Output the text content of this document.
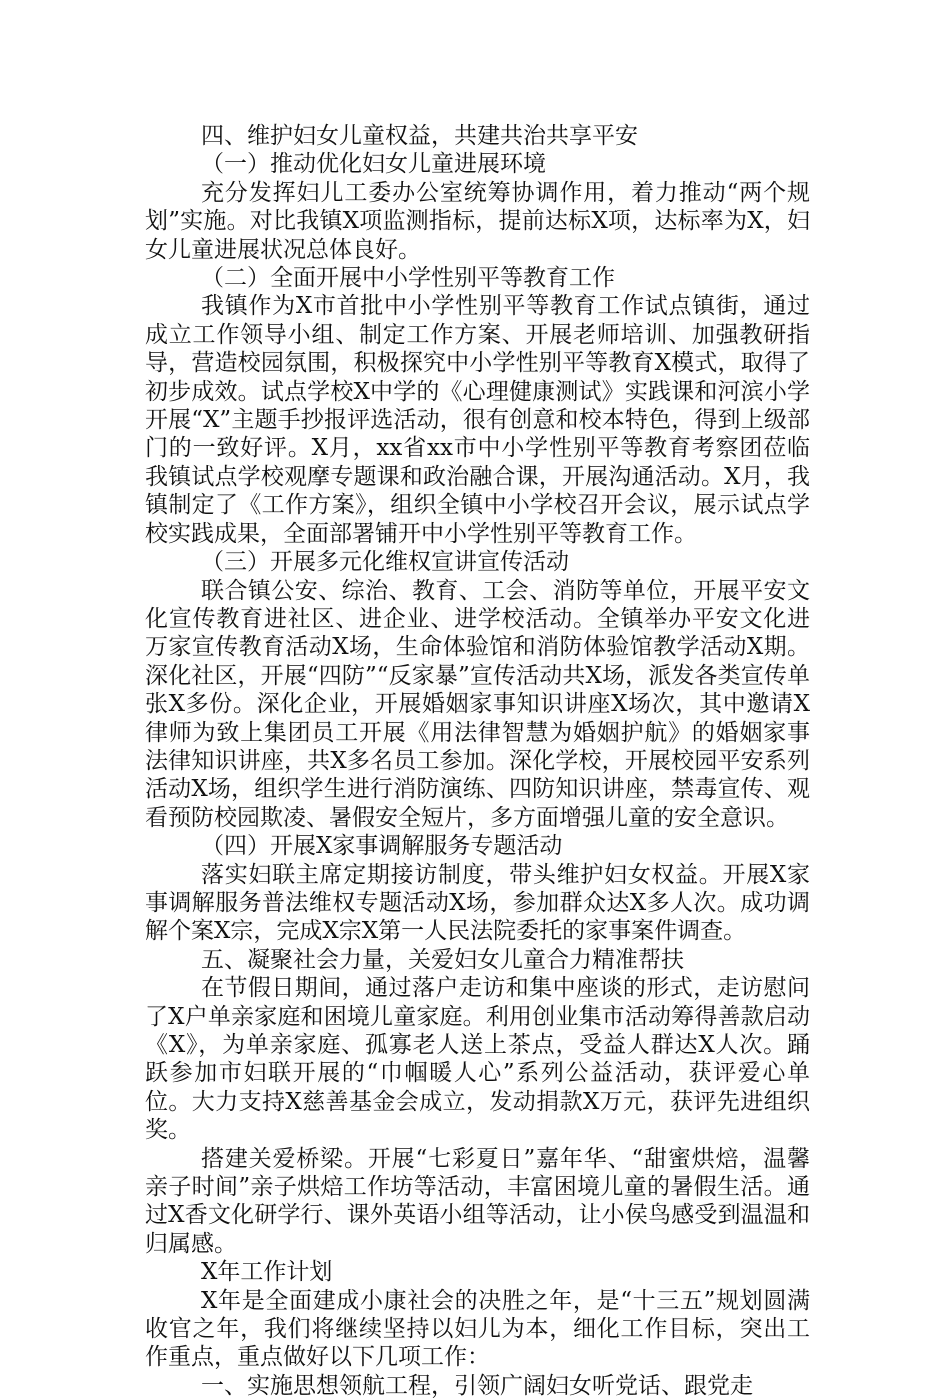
四、维护妇女儿童权益，共建共治共享平安

（一）推动优化妇女儿童进展环境

充分发挥妇儿工委办公室统筹协调作用，着力推动“两个规划”实施。对比我镇X项监测指标，提前达标X项，达标率为X，妇女儿童进展状况总体良好。

（二）全面开展中小学性别平等教育工作

我镇作为X市首批中小学性别平等教育工作试点镇街，通过成立工作领导小组、制定工作方案、开展老师培训、加强教研指导，营造校园氛围，积极探究中小学性别平等教育X模式，取得了初步成效。试点学校X中学的《心理健康测试》实践课和河滨小学开展“X”主题手抄报评选活动，很有创意和校本特色，得到上级部门的一致好评。X月，xx省xx市中小学性别平等教育考察团莅临我镇试点学校观摩专题课和政治融合课，开展沟通活动。X月，我镇制定了《工作方案》，组织全镇中小学校召开会议，展示试点学校实践成果，全面部署铺开中小学性别平等教育工作。

（三）开展多元化维权宣讲宣传活动

联合镇公安、综治、教育、工会、消防等单位，开展平安文化宣传教育进社区、进企业、进学校活动。全镇举办平安文化进万家宣传教育活动X场，生命体验馆和消防体验馆教学活动X期。深化社区，开展“四防”“反家暴”宣传活动共X场，派发各类宣传单张X多份。深化企业，开展婚姻家事知识讲座X场次，其中邀请X律师为致上集团员工开展《用法律智慧为婚姻护航》的婚姻家事法律知识讲座，共X多名员工参加。深化学校，开展校园平安系列活动X场，组织学生进行消防演练、四防知识讲座，禁毒宣传、观看预防校园欺凌、暑假安全短片，多方面增强儿童的安全意识。

（四）开展X家事调解服务专题活动

落实妇联主席定期接访制度，带头维护妇女权益。开展X家事调解服务普法维权专题活动X场，参加群众达X多人次。成功调解个案X宗，完成X宗X第一人民法院委托的家事案件调查。

五、凝聚社会力量，关爱妇女儿童合力精准帮扶

在节假日期间，通过落户走访和集中座谈的形式，走访慰问了X户单亲家庭和困境儿童家庭。利用创业集市活动筹得善款启动《X》，为单亲家庭、孤寡老人送上茶点，受益人群达X人次。踊跃参加市妇联开展的“巾帼暖人心”系列公益活动，获评爱心单位。大力支持X慈善基金会成立，发动捐款X万元，获评先进组织奖。

搭建关爱桥梁。开展“七彩夏日”嘉年华、“甜蜜烘焙，温馨亲子时间”亲子烘焙工作坊等活动，丰富困境儿童的暑假生活。通过X香文化研学行、课外英语小组等活动，让小侯鸟感受到温温和归属感。

X年工作计划

X年是全面建成小康社会的决胜之年，是“十三五”规划圆满收官之年，我们将继续坚持以妇儿为本，细化工作目标，突出工作重点，重点做好以下几项工作：

一、实施思想领航工程，引领广阔妇女听党话、跟党走
